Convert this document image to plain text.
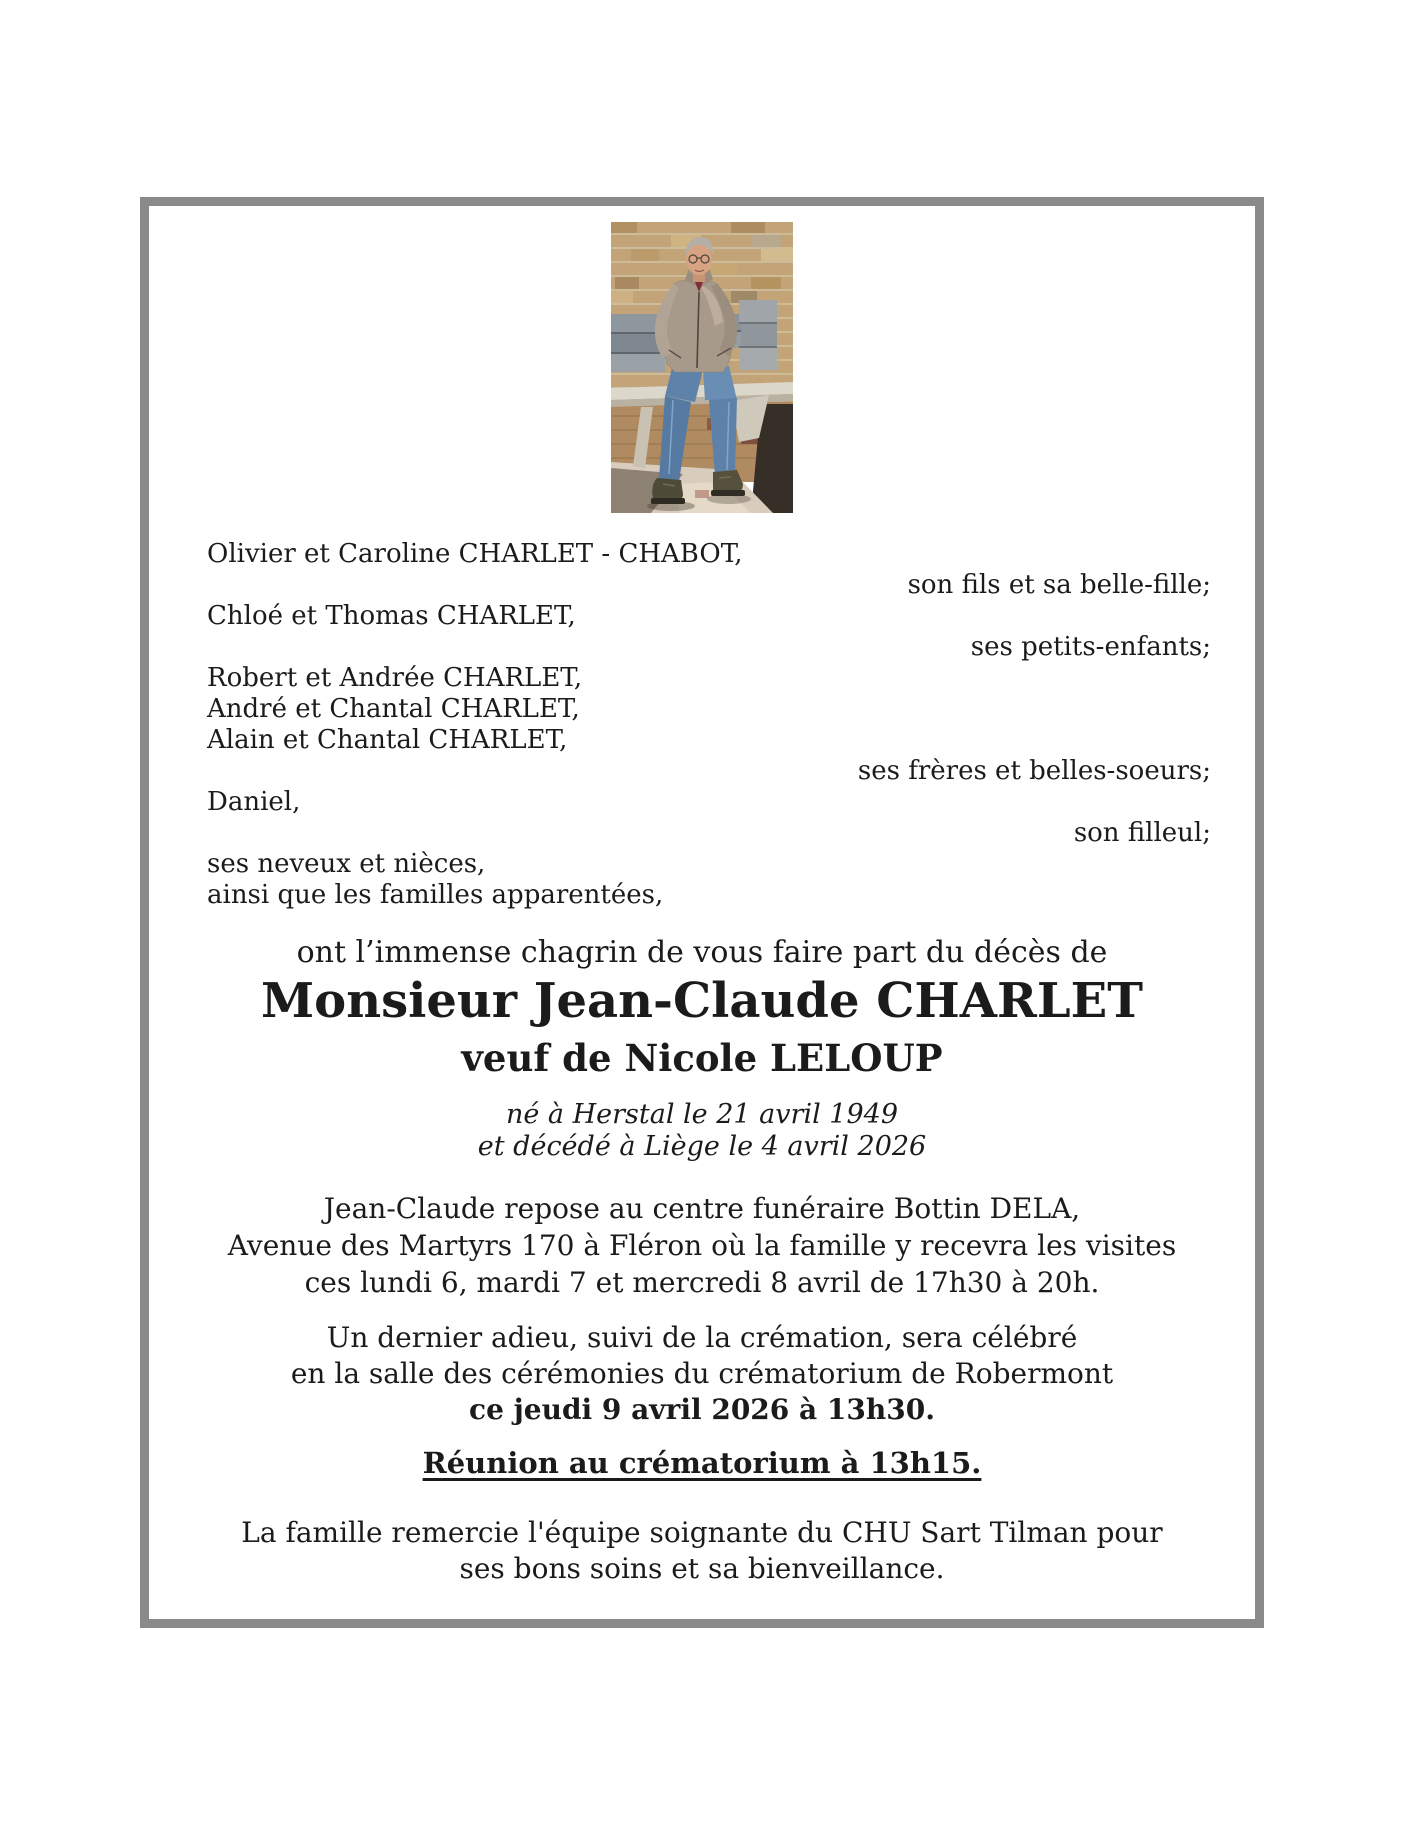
Olivier et Caroline CHARLET - CHABOT,
son fils et sa belle-fille;
Chloé et Thomas CHARLET,
ses petits-enfants;
Robert et Andrée CHARLET,
André et Chantal CHARLET,
Alain et Chantal CHARLET,
ses frères et belles-soeurs;
Daniel,
son filleul;
ses neveux et nièces,
ainsi que les familles apparentées,
ont l’immense chagrin de vous faire part du décès de
Monsieur Jean-Claude CHARLET
veuf de Nicole LELOUP
né à Herstal le 21 avril 1949
et décédé à Liège le 4 avril 2026
Jean-Claude repose au centre funéraire Bottin DELA,
Avenue des Martyrs 170 à Fléron où la famille y recevra les visites
ces lundi 6, mardi 7 et mercredi 8 avril de 17h30 à 20h.
Un dernier adieu, suivi de la crémation, sera célébré
en la salle des cérémonies du crématorium de Robermont
ce jeudi 9 avril 2026 à 13h30.
Réunion au crématorium à 13h15.
La famille remercie l'équipe soignante du CHU Sart Tilman pour
ses bons soins et sa bienveillance.
